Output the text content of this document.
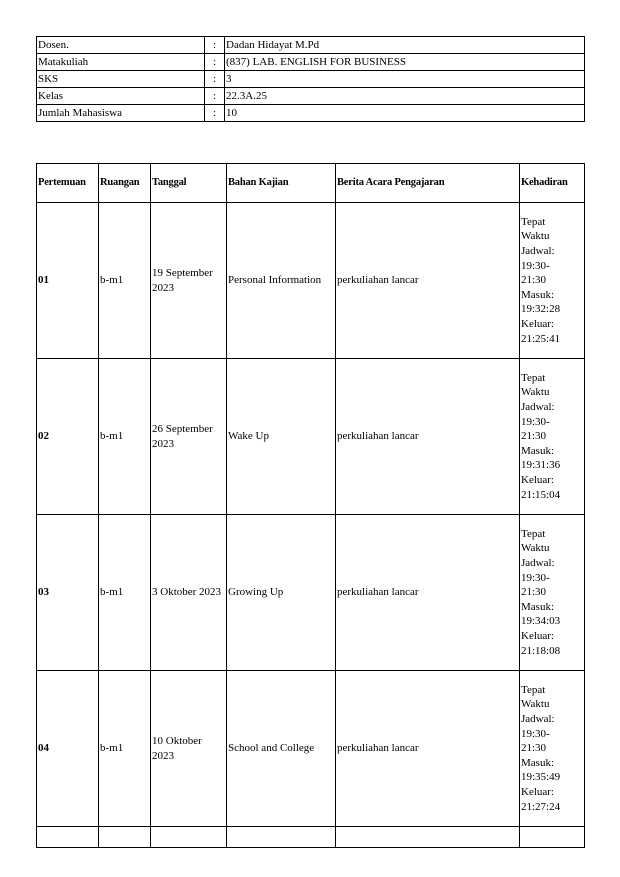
Dosen.	:	Dadan Hidayat M.Pd
Matakuliah	:	(837) LAB. ENGLISH FOR BUSINESS
SKS	:	3
Kelas	:	22.3A.25
Jumlah Mahasiswa	:	10
Pertemuan	Ruangan	Tanggal	Bahan Kajian	Berita Acara Pengajaran	Kehadiran
01	b-m1	19 September 2023	Personal Information	perkuliahan lancar	Tepat Waktu Jadwal: 19:30-21:30 Masuk: 19:32:28 Keluar: 21:25:41

02	b-m1	26 September 2023	Wake Up	perkuliahan lancar	Tepat Waktu Jadwal: 19:30-21:30 Masuk: 19:31:36 Keluar: 21:15:04

03	b-m1	3 Oktober 2023	Growing Up	perkuliahan lancar	Tepat Waktu Jadwal: 19:30-21:30 Masuk: 19:34:03 Keluar: 21:18:08

04	b-m1	10 Oktober 2023	School and College	perkuliahan lancar	Tepat Waktu Jadwal: 19:30-21:30 Masuk: 19:35:49 Keluar: 21:27:24
